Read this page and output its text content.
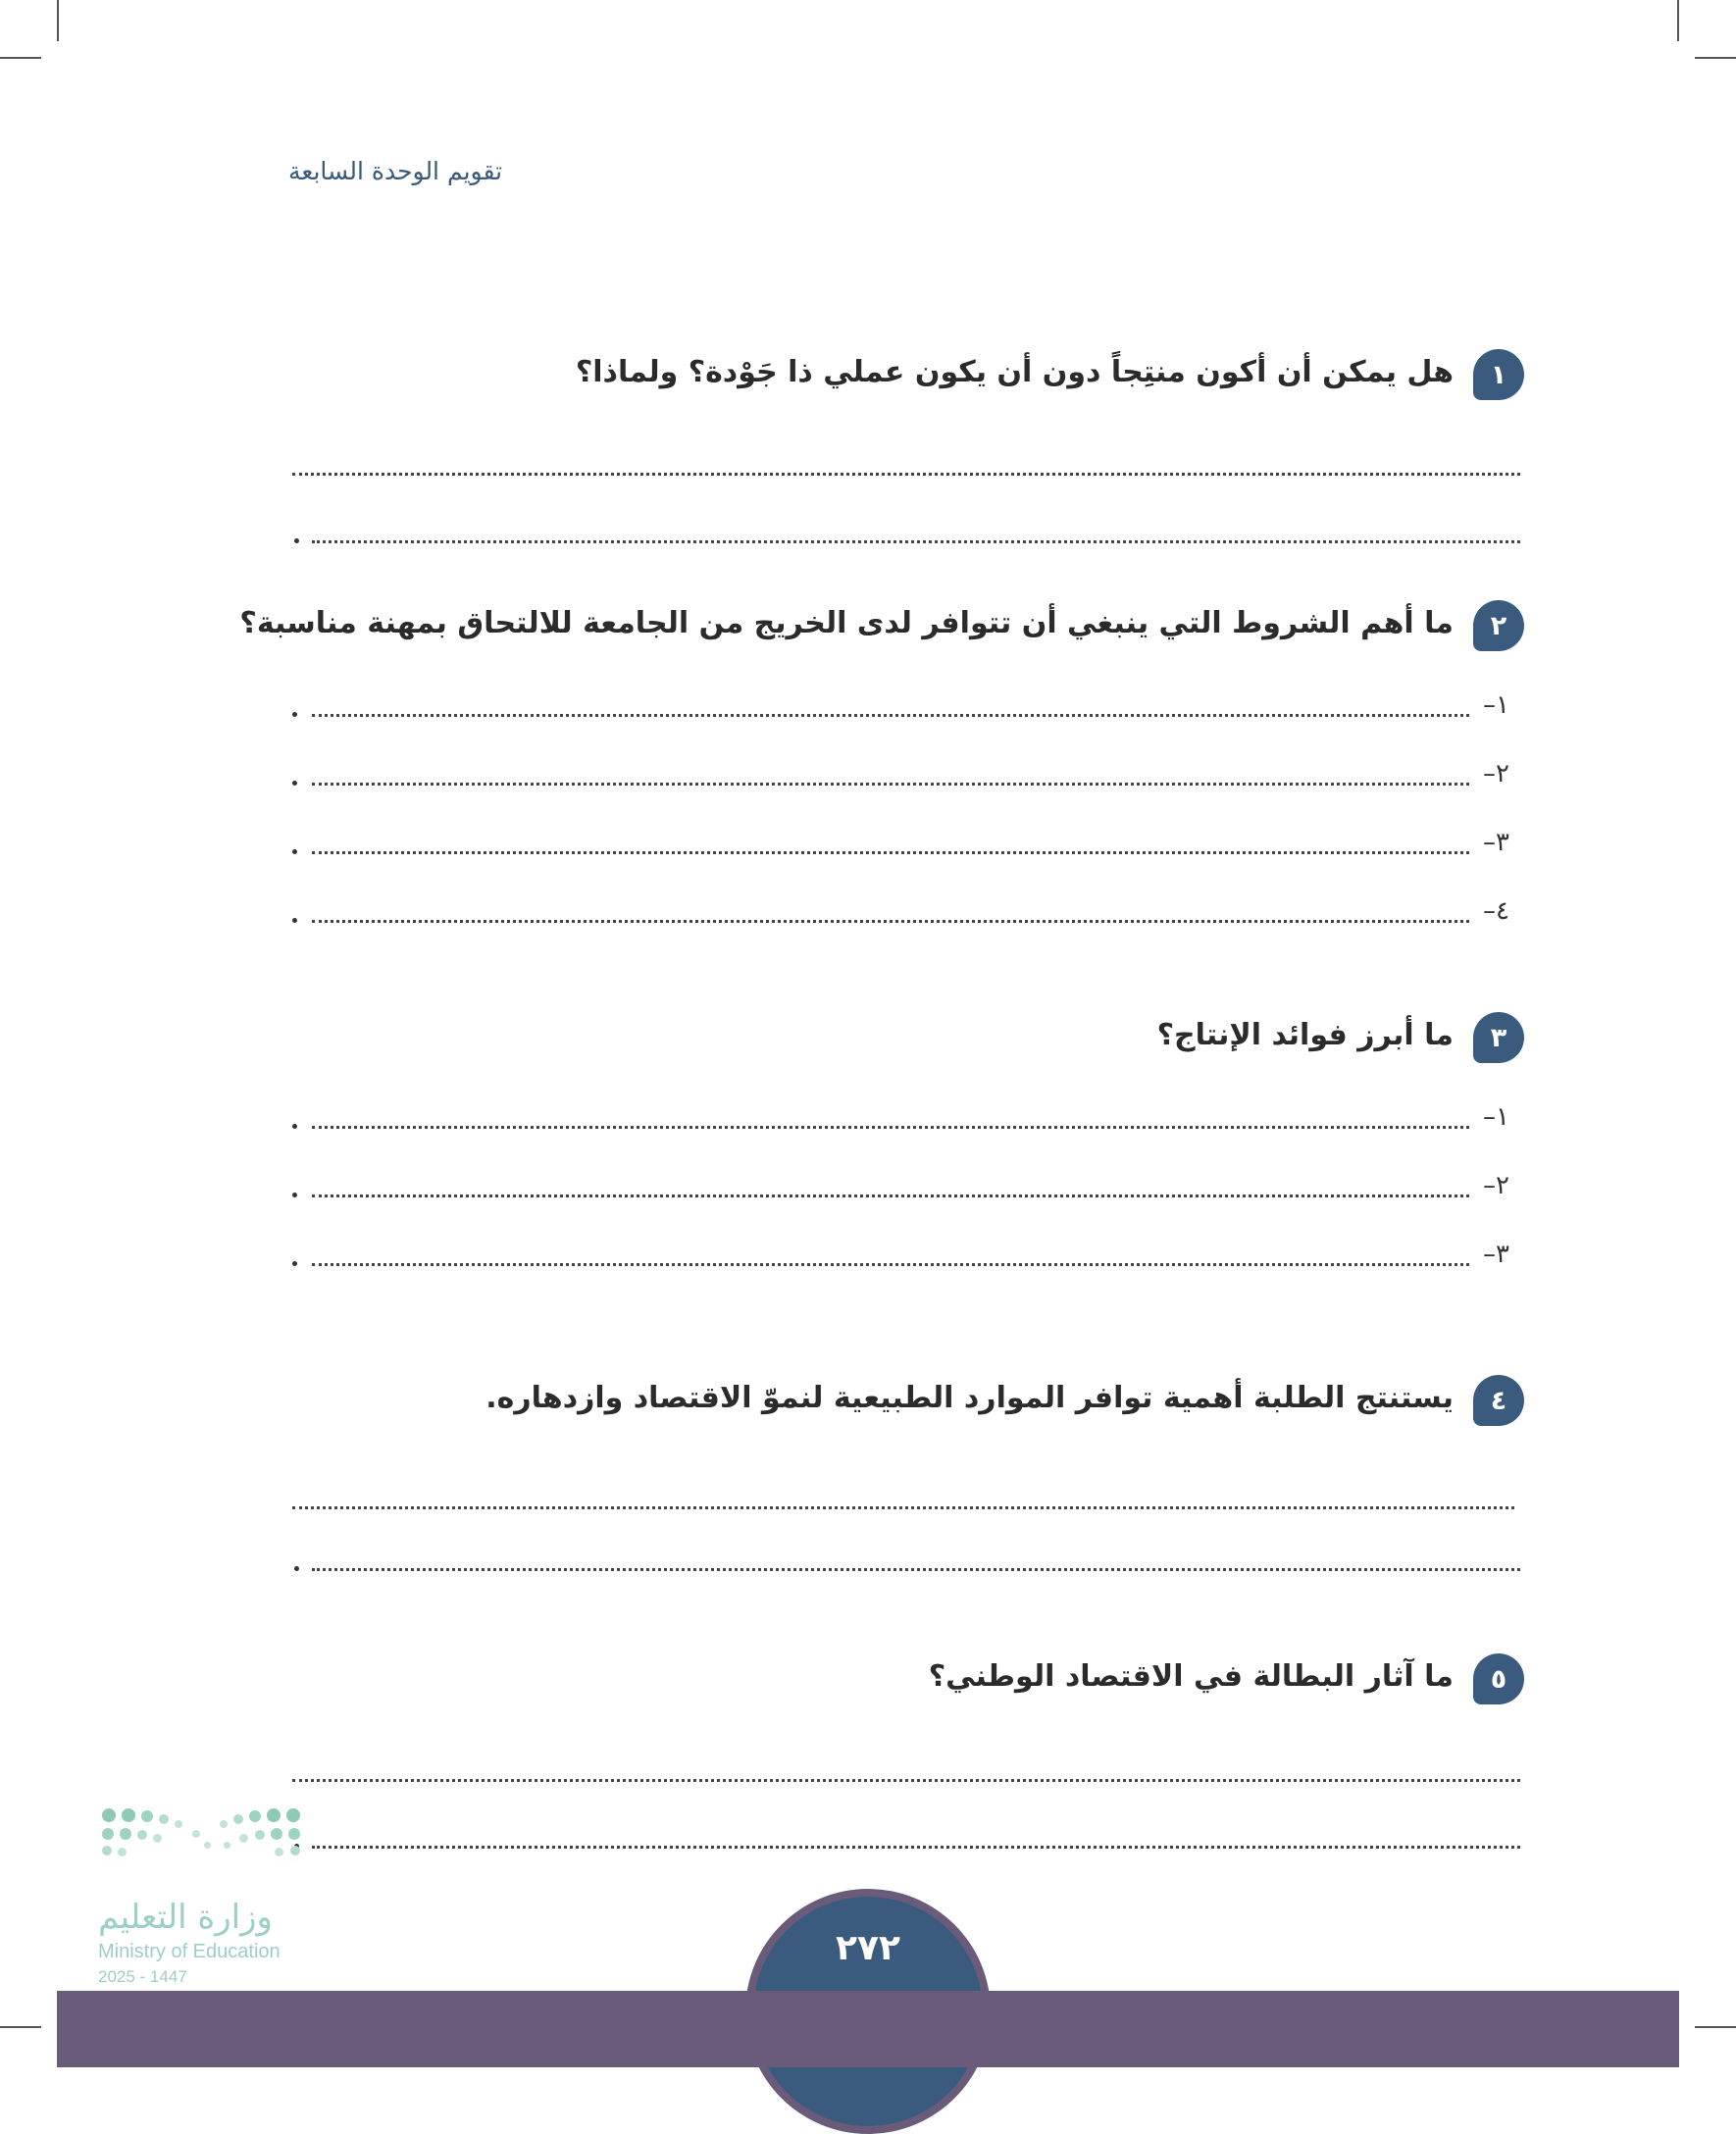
تقويم الوحدة السابعة
١
هل يمكن أن أكون منتِجاً دون أن يكون عملي ذا جَوْدة؟ ولماذا؟
٢
ما أهم الشروط التي ينبغي أن تتوافر لدى الخريج من الجامعة للالتحاق بمهنة مناسبة؟
١–
٢–
٣–
٤–
٣
ما أبرز فوائد الإنتاج؟
١–
٢–
٣–
٤
يستنتج الطلبة أهمية توافر الموارد الطبيعية لنموّ الاقتصاد وازدهاره.
٥
ما آثار البطالة في الاقتصاد الوطني؟
وزارة التعليم
Ministry of Education
2025 - 1447
٢٧٢
